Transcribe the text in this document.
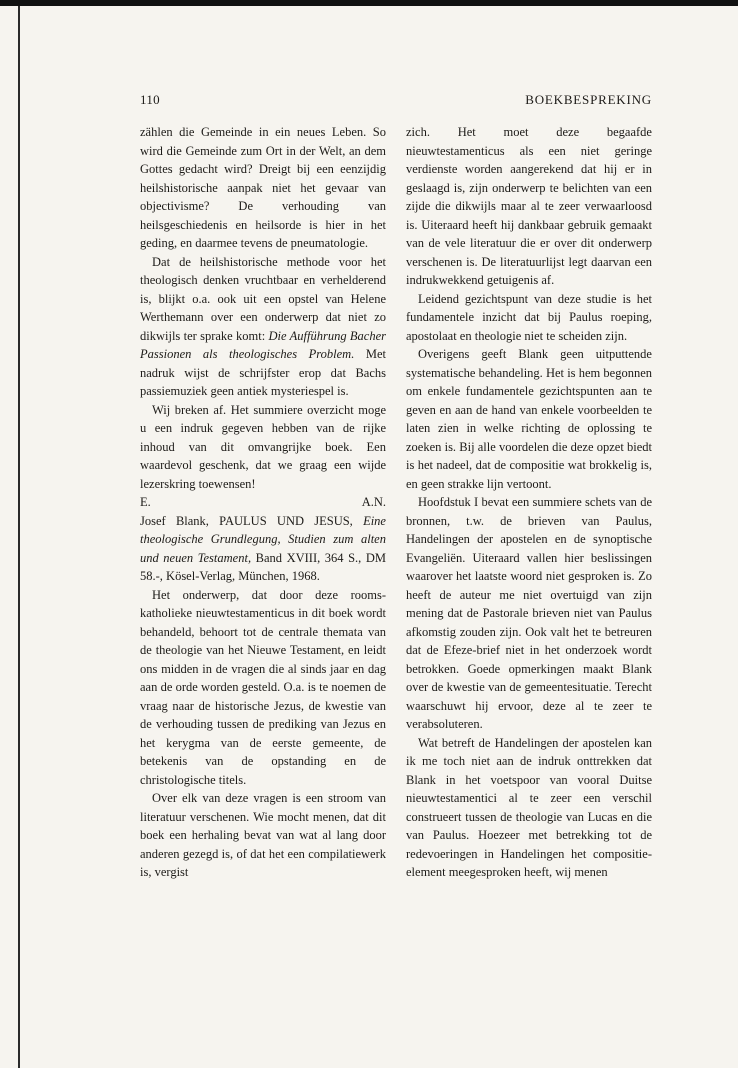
110	BOEKBESPREKING

zählen die Gemeinde in ein neues Leben. So wird die Gemeinde zum Ort in der Welt, an dem Gottes gedacht wird? Dreigt bij een eenzijdig heilshistorische aanpak niet het gevaar van objectivisme? De verhouding van heilsgeschiedenis en heilsorde is hier in het geding, en daarmee tevens de pneumatologie.

Dat de heilshistorische methode voor het theologisch denken vruchtbaar en verhelderend is, blijkt o.a. ook uit een opstel van Helene Werthemann over een onderwerp dat niet zo dikwijls ter sprake komt: Die Aufführung Bacher Passionen als theologisches Problem. Met nadruk wijst de schrijfster erop dat Bachs passiemuziek geen antiek mysteriespel is.

Wij breken af. Het summiere overzicht moge u een indruk gegeven hebben van de rijke inhoud van dit omvangrijke boek. Een waardevol geschenk, dat we graag een wijde lezerskring toewensen!

E.	A.N.

Josef Blank, PAULUS UND JESUS, Eine theologische Grundlegung, Studien zum alten und neuen Testament, Band XVIII, 364 S., DM 58.-, Kösel-Verlag, München, 1968.

Het onderwerp, dat door deze rooms-katholieke nieuwtestamenticus in dit boek wordt behandeld, behoort tot de centrale themata van de theologie van het Nieuwe Testament, en leidt ons midden in de vragen die al sinds jaar en dag aan de orde worden gesteld. O.a. is te noemen de vraag naar de historische Jezus, de kwestie van de verhouding tussen de prediking van Jezus en het kerygma van de eerste gemeente, de betekenis van de opstanding en de christologische titels.

Over elk van deze vragen is een stroom van literatuur verschenen. Wie mocht menen, dat dit boek een herhaling bevat van wat al lang door anderen gezegd is, of dat het een compilatiewerk is, vergist

zich. Het moet deze begaafde nieuwtestamenticus als een niet geringe verdienste worden aangerekend dat hij er in geslaagd is, zijn onderwerp te belichten van een zijde die dikwijls maar al te zeer verwaarloosd is. Uiteraard heeft hij dankbaar gebruik gemaakt van de vele literatuur die er over dit onderwerp verschenen is. De literatuurlijst legt daarvan een indrukwekkend getuigenis af.

Leidend gezichtspunt van deze studie is het fundamentele inzicht dat bij Paulus roeping, apostolaat en theologie niet te scheiden zijn.

Overigens geeft Blank geen uitputtende systematische behandeling. Het is hem begonnen om enkele fundamentele gezichtspunten aan te geven en aan de hand van enkele voorbeelden te laten zien in welke richting de oplossing te zoeken is. Bij alle voordelen die deze opzet biedt is het nadeel, dat de compositie wat brokkelig is, en geen strakke lijn vertoont.

Hoofdstuk I bevat een summiere schets van de bronnen, t.w. de brieven van Paulus, Handelingen der apostelen en de synoptische Evangeliën. Uiteraard vallen hier beslissingen waarover het laatste woord niet gesproken is. Zo heeft de auteur me niet overtuigd van zijn mening dat de Pastorale brieven niet van Paulus afkomstig zouden zijn. Ook valt het te betreuren dat de Efeze-brief niet in het onderzoek wordt betrokken. Goede opmerkingen maakt Blank over de kwestie van de gemeentesituatie. Terecht waarschuwt hij ervoor, deze al te zeer te verabsoluteren.

Wat betreft de Handelingen der apostelen kan ik me toch niet aan de indruk onttrekken dat Blank in het voetspoor van vooral Duitse nieuwtestamentici al te zeer een verschil construeert tussen de theologie van Lucas en die van Paulus. Hoezeer met betrekking tot de redevoeringen in Handelingen het compositie-element meegesproken heeft, wij menen
